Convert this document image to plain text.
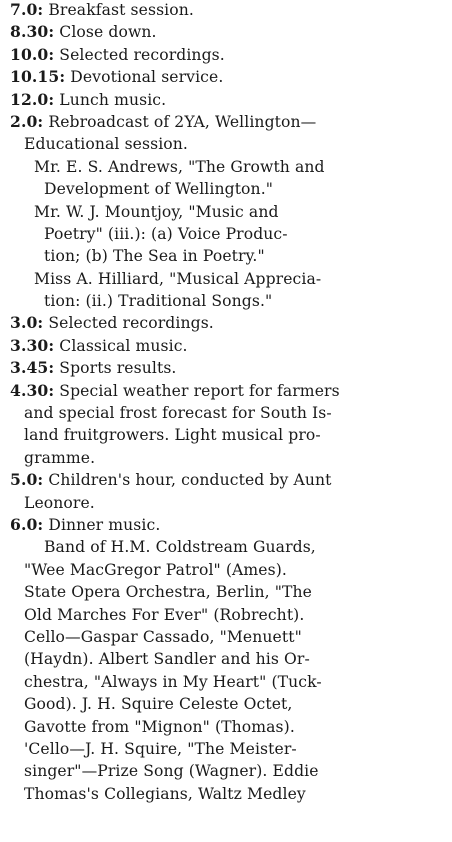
7.0: Breakfast session.
8.30: Close down.
10.0: Selected recordings.
10.15: Devotional service.
12.0: Lunch music.
2.0: Rebroadcast of 2YA, Wellington—
Educational session.
Mr. E. S. Andrews, "The Growth and
Development of Wellington."
Mr. W. J. Mountjoy, "Music and
Poetry" (iii.): (a) Voice Produc-
tion; (b) The Sea in Poetry."
Miss A. Hilliard, "Musical Apprecia-
tion: (ii.) Traditional Songs."
3.0: Selected recordings.
3.30: Classical music.
3.45: Sports results.
4.30: Special weather report for farmers
and special frost forecast for South Is-
land fruitgrowers. Light musical pro-
gramme.
5.0: Children's hour, conducted by Aunt
Leonore.
6.0: Dinner music.
Band of H.M. Coldstream Guards,
"Wee MacGregor Patrol" (Ames).
State Opera Orchestra, Berlin, "The
Old Marches For Ever" (Robrecht).
Cello—Gaspar Cassado, "Menuett"
(Haydn). Albert Sandler and his Or-
chestra, "Always in My Heart" (Tuck-
Good). J. H. Squire Celeste Octet,
Gavotte from "Mignon" (Thomas).
'Cello—J. H. Squire, "The Meister-
singer"—Prize Song (Wagner). Eddie
Thomas's Collegians, Waltz Medley
